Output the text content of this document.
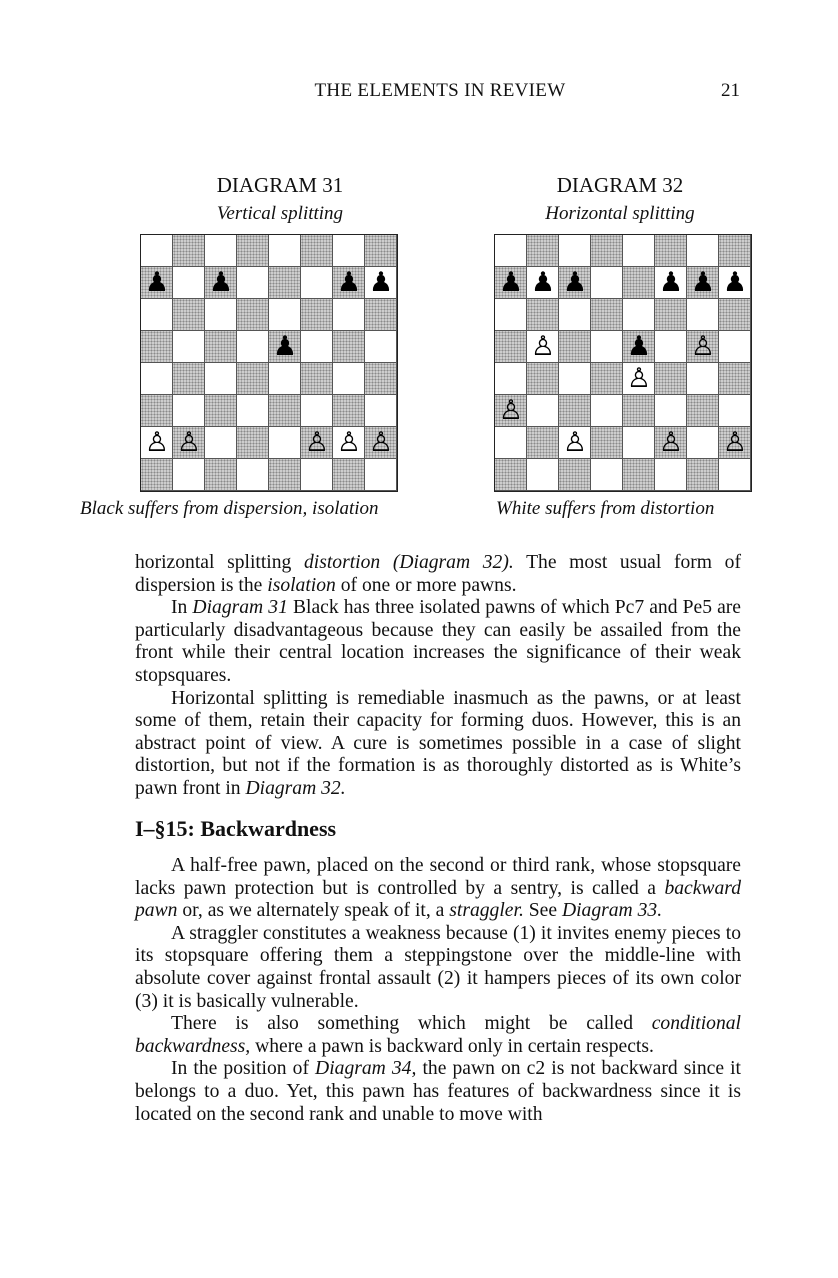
THE ELEMENTS IN REVIEW	21
DIAGRAM 31
Vertical splitting
♟ ♟	♟ ♟
♟
♙ ♙	♙ ♙ ♙
DIAGRAM 32
Horizontal splitting
♟ ♟ ♟	♟ ♟ ♟
♙	♟ ♙
♙
♙
♙	♙ ♙
Black suffers from dispersion, isolation	White suffers from distortion

horizontal splitting distortion (Diagram 32). The most usual form of dispersion is the isolation of one or more pawns.

In Diagram 31 Black has three isolated pawns of which Pc7 and Pe5 are particularly disadvantageous because they can easily be assailed from the front while their central location increases the significance of their weak stopsquares.

Horizontal splitting is remediable inasmuch as the pawns, or at least some of them, retain their capacity for forming duos. However, this is an abstract point of view. A cure is sometimes possible in a case of slight distortion, but not if the formation is as thoroughly distorted as is White’s pawn front in Diagram 32.

I–§15: Backwardness

A half-free pawn, placed on the second or third rank, whose stopsquare lacks pawn protection but is controlled by a sentry, is called a backward pawn or, as we alternately speak of it, a straggler. See Diagram 33.

A straggler constitutes a weakness because (1) it invites enemy pieces to its stopsquare offering them a steppingstone over the middle-line with absolute cover against frontal assault (2) it hampers pieces of its own color (3) it is basically vulnerable.

There is also something which might be called conditional backwardness, where a pawn is backward only in certain respects.

In the position of Diagram 34, the pawn on c2 is not backward since it belongs to a duo. Yet, this pawn has features of backwardness since it is located on the second rank and unable to move with
